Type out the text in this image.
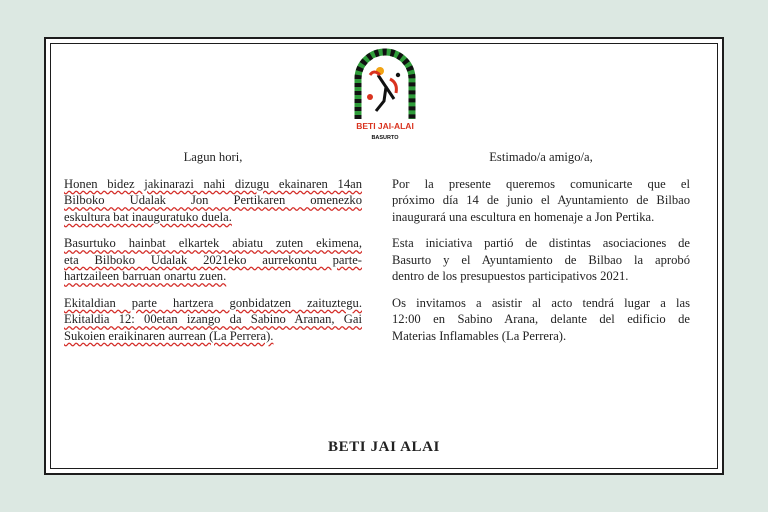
BETI JAI-ALAI
BASURTO
Lagun hori,
Honen bidez jakinarazi nahi dizugu ekainaren 14an
Bilboko Udalak Jon Pertikaren omenezko
eskultura bat inauguratuko duela.
Basurtuko hainbat elkartek abiatu zuten ekimena,
eta Bilboko Udalak 2021eko aurrekontu parte-
hartzaileen barruan onartu zuen.
Ekitaldian parte hartzera gonbidatzen zaituztegu.
Ekitaldia 12: 00etan izango da Sabino Aranan, Gai
Sukoien eraikinaren aurrean (La Perrera).
Estimado/a amigo/a,
Por la presente queremos comunicarte que el
próximo día 14 de junio el Ayuntamiento de Bilbao
inaugurará una escultura en homenaje a Jon Pertika.
Esta iniciativa partió de distintas asociaciones de
Basurto y el Ayuntamiento de Bilbao la aprobó
dentro de los presupuestos participativos 2021.
Os invitamos a asistir al acto tendrá lugar a las
12:00 en Sabino Arana, delante del edificio de
Materias Inflamables (La Perrera).
BETI JAI ALAI
